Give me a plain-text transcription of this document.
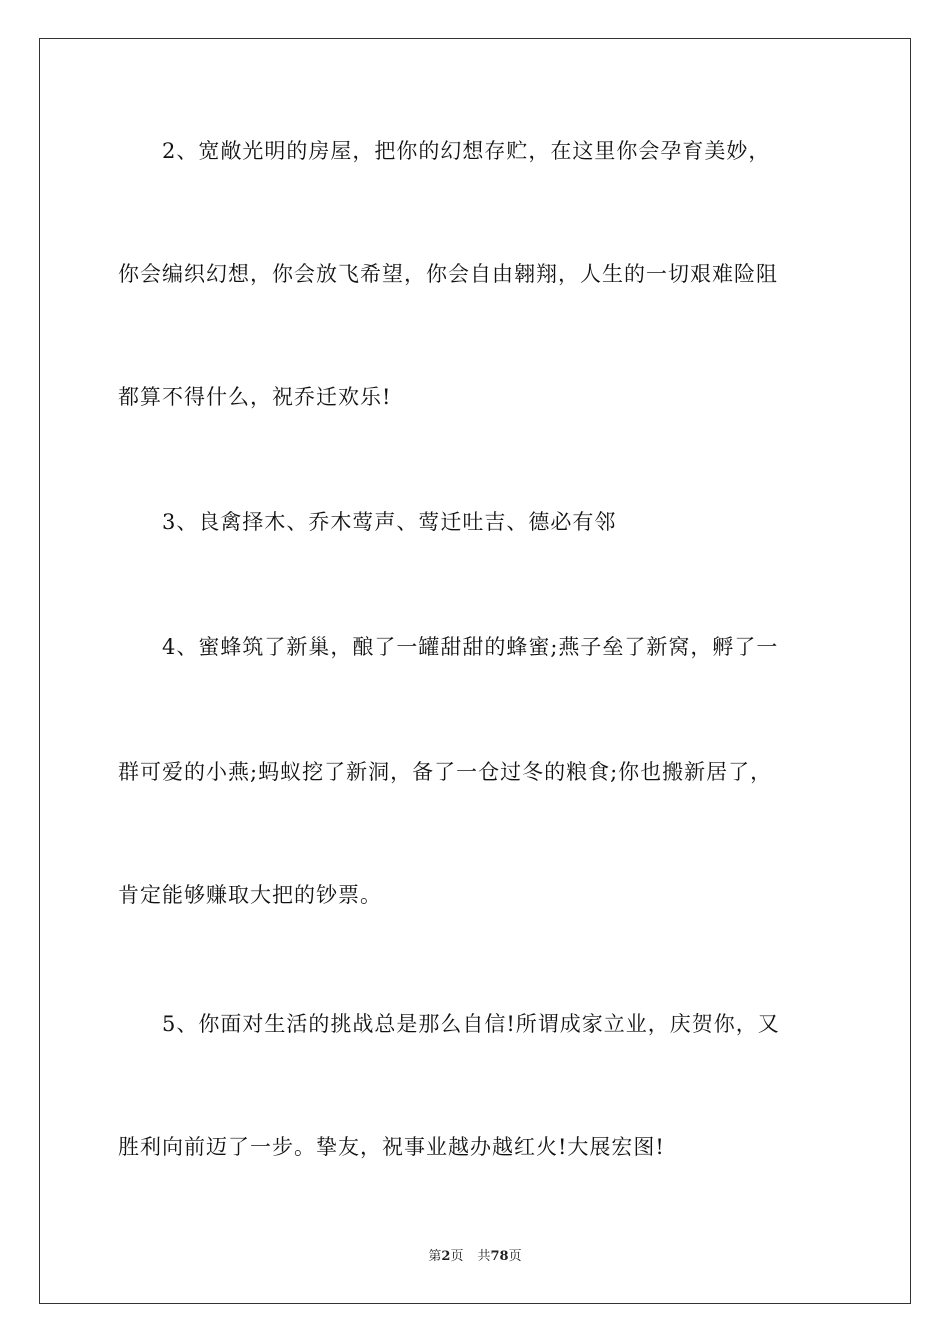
2、宽敞光明的房屋，把你的幻想存贮，在这里你会孕育美妙，
你会编织幻想，你会放飞希望，你会自由翱翔，人生的一切艰难险阻
都算不得什么，祝乔迁欢乐!
3、良禽择木、乔木莺声、莺迁吐吉、德必有邻
4、蜜蜂筑了新巢，酿了一罐甜甜的蜂蜜;燕子垒了新窝，孵了一
群可爱的小燕;蚂蚁挖了新洞，备了一仓过冬的粮食;你也搬新居了，
肯定能够赚取大把的钞票。
5、你面对生活的挑战总是那么自信!所谓成家立业，庆贺你，又
胜利向前迈了一步。挚友，祝事业越办越红火!大展宏图!
第2页 共78页
